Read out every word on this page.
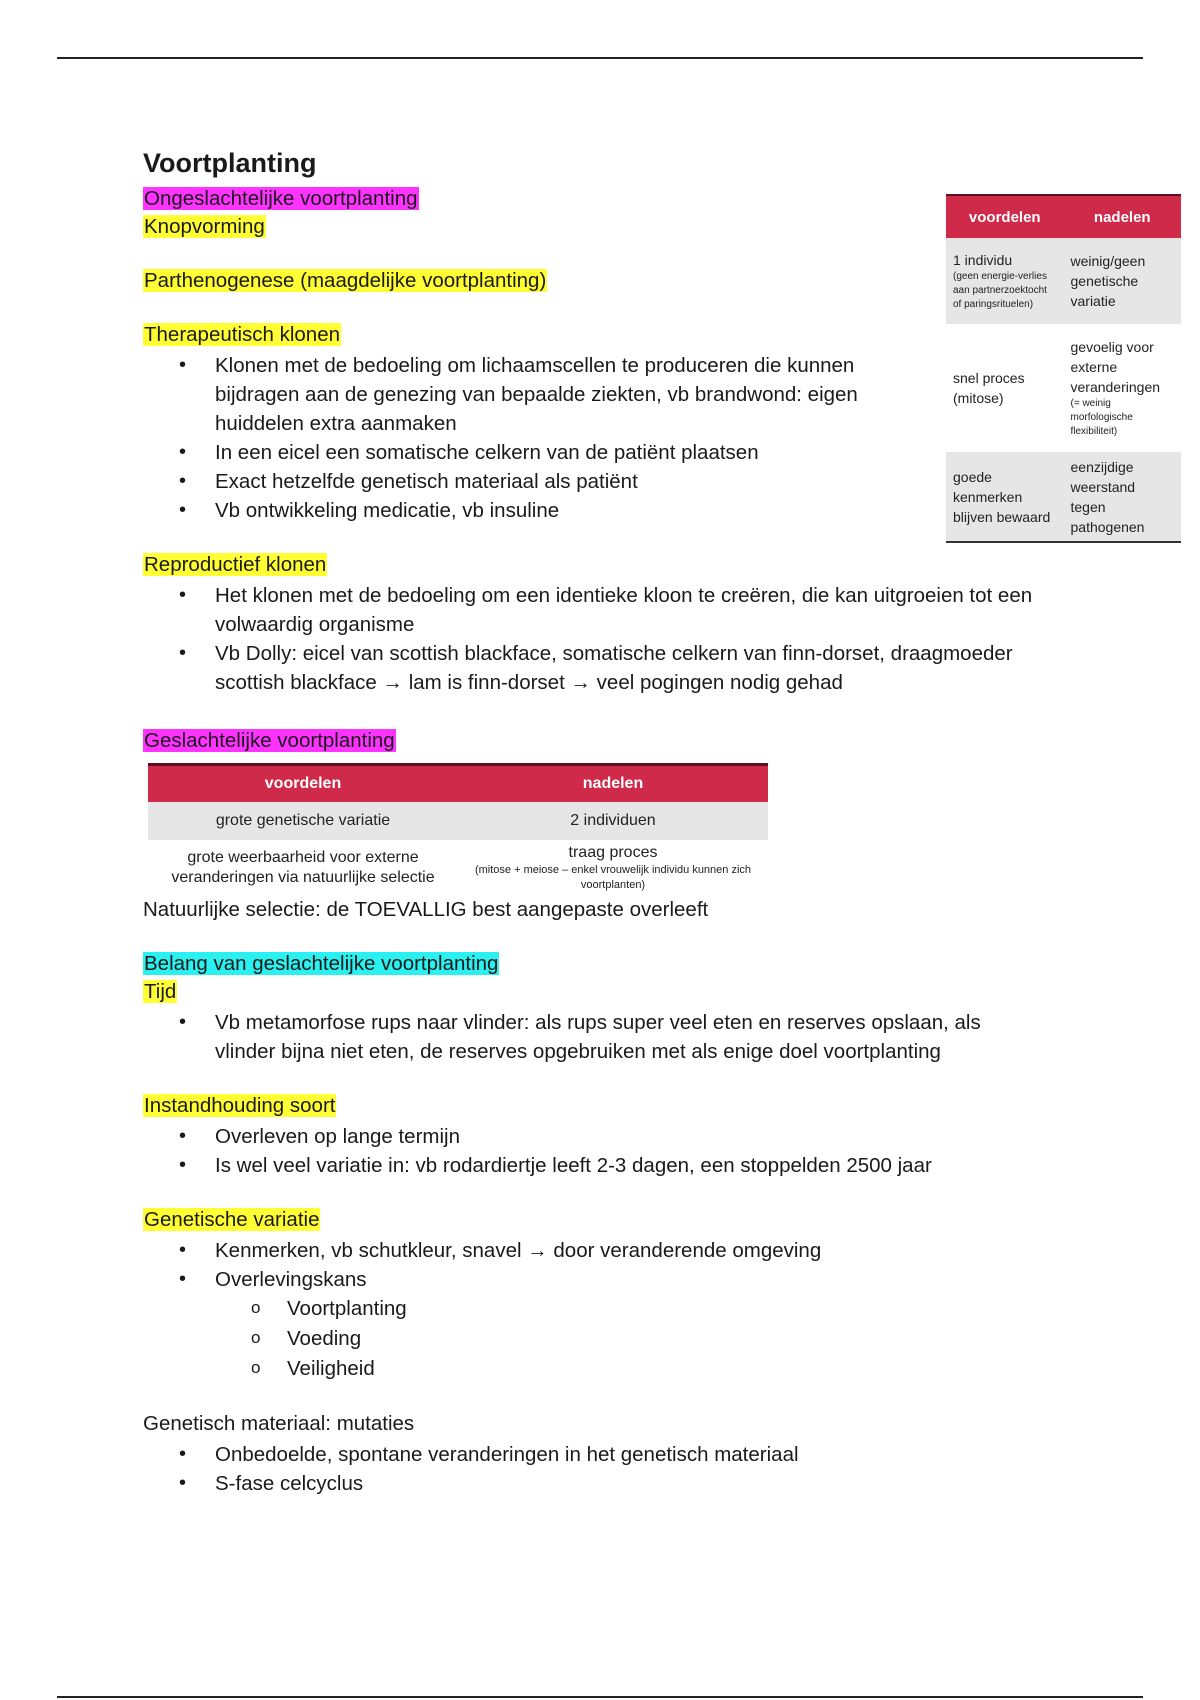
Voortplanting

Ongeslachtelijke voortplanting

Knopvorming

Parthenogenese (maagdelijke voortplanting)

Therapeutisch klonen

• Klonen met de bedoeling om lichaamscellen te produceren die kunnen bijdragen aan de genezing van bepaalde ziekten, vb brandwond: eigen huiddelen extra aanmaken
• In een eicel een somatische celkern van de patiënt plaatsen
• Exact hetzelfde genetisch materiaal als patiënt
• Vb ontwikkeling medicatie, vb insuline

Reproductief klonen

• Het klonen met de bedoeling om een identieke kloon te creëren, die kan uitgroeien tot een volwaardig organisme
• Vb Dolly: eicel van scottish blackface, somatische celkern van finn-dorset, draagmoeder scottish blackface → lam is finn-dorset → veel pogingen nodig gehad

Geslachtelijke voortplanting

voordelen	nadelen
grote genetische variatie	2 individuen
grote weerbaarheid voor externe veranderingen via natuurlijke selectie	traag proces
(mitose + meiose – enkel vrouwelijk individu kunnen zich voortplanten)

Natuurlijke selectie: de TOEVALLIG best aangepaste overleeft

Belang van geslachtelijke voortplanting

Tijd

• Vb metamorfose rups naar vlinder: als rups super veel eten en reserves opslaan, als vlinder bijna niet eten, de reserves opgebruiken met als enige doel voortplanting

Instandhouding soort

• Overleven op lange termijn
• Is wel veel variatie in: vb rodardiertje leeft 2-3 dagen, een stoppelden 2500 jaar

Genetische variatie

• Kenmerken, vb schutkleur, snavel → door veranderende omgeving
• Overlevingskans
o Voortplanting
o Voeding
o Veiligheid

Genetisch materiaal: mutaties

• Onbedoelde, spontane veranderingen in het genetisch materiaal
• S-fase celcyclus
voordelen	nadelen
1 individu
(geen energie-verlies aan partnerzoektocht of paringsrituelen)	weinig/geen genetische variatie
snel proces (mitose)	gevoelig voor externe veranderingen
(= weinig morfologische flexibiliteit)

goede kenmerken blijven bewaard	eenzijdige weerstand tegen pathogenen
